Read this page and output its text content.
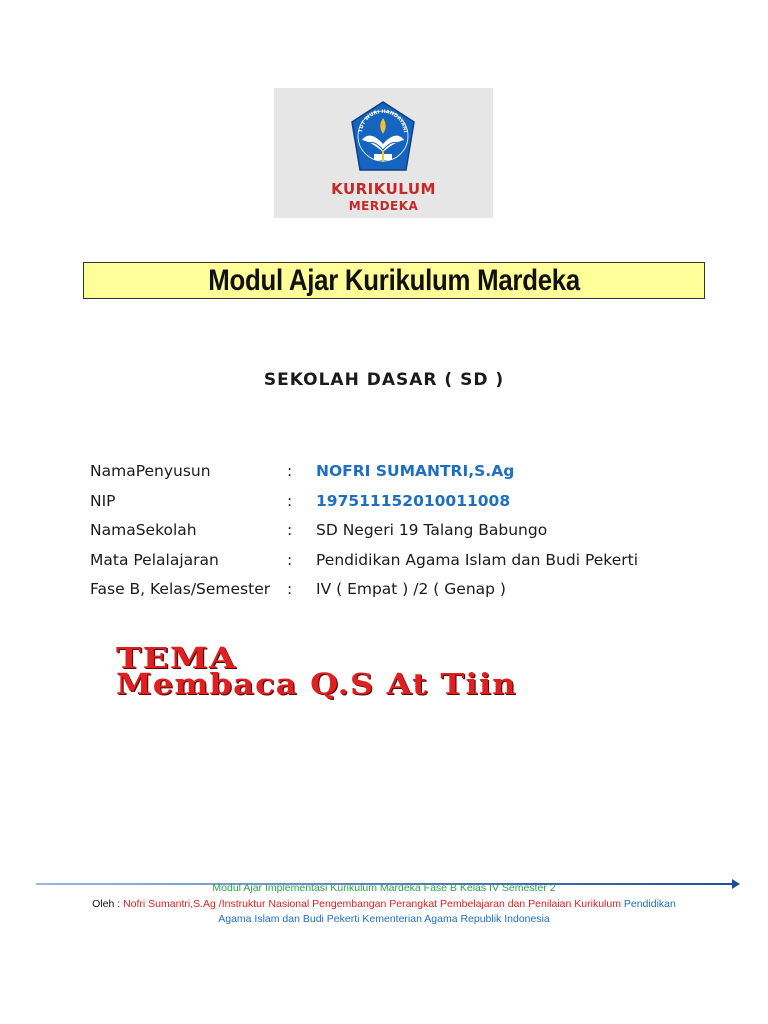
TUT WURI HANDAYANI
KURIKULUM
MERDEKA
Modul Ajar Kurikulum Mardeka
SEKOLAH DASAR ( SD )
NamaPenyusun	: NOFRI SUMANTRI,S.Ag
NIP	: 197511152010011008
NamaSekolah	: SD Negeri 19 Talang Babungo
Mata Pelalajaran	: Pendidikan Agama Islam dan Budi Pekerti
Fase B, Kelas/Semester : IV ( Empat ) /2 ( Genap )
TEMA
Membaca Q.S At Tiin
Modul Ajar Implementasi Kurikulum Mardeka Fase B Kelas IV Semester 2
Oleh : Nofri Sumantri,S.Ag /Instruktur Nasional Pengembangan Perangkat Pembelajaran dan Penilaian Kurikulum Pendidikan
Agama Islam dan Budi Pekerti Kementerian Agama Republik Indonesia
